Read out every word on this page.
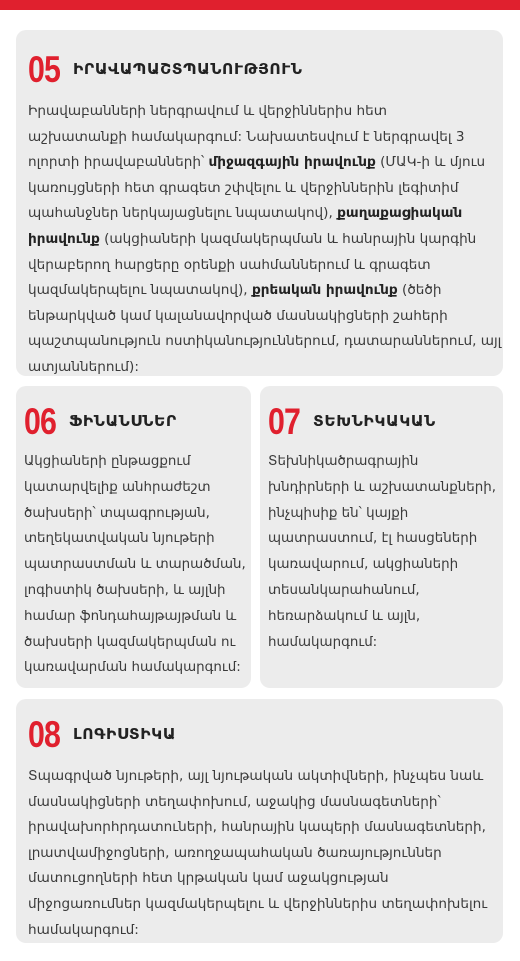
05 ԻՐԱՎԱՊԱՇՏՊԱՆՈՒԹՅՈՒՆ
Իրավաբանների ներգրավում և վերջիններիս հետ
աշխատանքի համակարգում: Նախատեսվում է ներգրավել 3
ոլորտի իրավաբանների՝ միջազգային իրավունք (ՄԱԿ-ի և մյուս
կառույցների հետ գրագետ շփվելու և վերջիններին լեգիտիմ
պահանջներ ներկայացնելու նպատակով), քաղաքացիական
իրավունք (ակցիաների կազմակերպման և հանրային կարգին
վերաբերող հարցերը օրենքի սահմաններում և գրագետ
կազմակերպելու նպատակով), քրեական իրավունք (ծեծի
ենթարկված կամ կալանավորված մասնակիցների շահերի
պաշտպանություն ոստիկանություններում, դատարաններում, այլ
ատյաններում):
06 ՖԻՆԱՆՍՆԵՐ
Ակցիաների ընթացքում
կատարվելիք անհրաժեշտ
ծախսերի՝ տպագրության,
տեղեկատվական նյութերի
պատրաստման և տարածման,
լոգիստիկ ծախսերի, և այլնի
համար ֆոնդահայթայթման և
ծախսերի կազմակերպման ու
կառավարման համակարգում:
07 ՏԵԽՆԻԿԱԿԱՆ
Տեխնիկածրագրային
խնդիրների և աշխատանքների,
ինչպիսիք են՝ կայքի
պատրաստում, էլ հասցեների
կառավարում, ակցիաների
տեսանկարահանում,
հեռարձակում և այլն,
համակարգում:
08 ԼՈԳԻՍՏԻԿԱ
Տպագրված նյութերի, այլ նյութական ակտիվների, ինչպես նաև
մասնակիցների տեղափոխում, աջակից մասնագետների՝
իրավախորհրդատուների, հանրային կապերի մասնագետների,
լրատվամիջոցների, առողջապահական ծառայություններ
մատուցողների հետ կրթական կամ աջակցության
միջոցառումներ կազմակերպելու և վերջիններիս տեղափոխելու
համակարգում:
